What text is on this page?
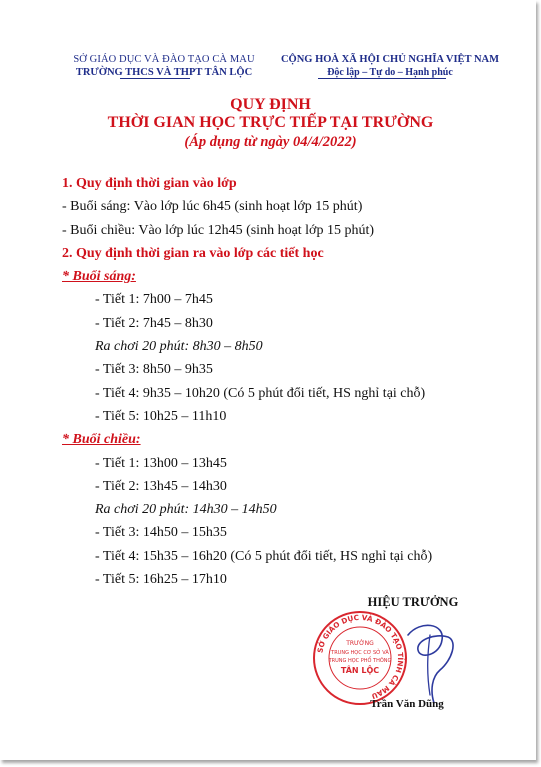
SỞ GIÁO DỤC VÀ ĐÀO TẠO CÀ MAU
TRƯỜNG THCS VÀ THPT TÂN LỘC
CỘNG HOÀ XÃ HỘI CHỦ NGHĨA VIỆT NAM
Độc lập – Tự do – Hạnh phúc
QUY ĐỊNH
THỜI GIAN HỌC TRỰC TIẾP TẠI TRƯỜNG
(Áp dụng từ ngày 04/4/2022)
1. Quy định thời gian vào lớp
- Buổi sáng: Vào lớp lúc 6h45 (sinh hoạt lớp 15 phút)
- Buổi chiều: Vào lớp lúc 12h45 (sinh hoạt lớp 15 phút)
2. Quy định thời gian ra vào lớp các tiết học
* Buổi sáng:
- Tiết 1: 7h00 – 7h45
- Tiết 2: 7h45 – 8h30
Ra chơi 20 phút: 8h30 – 8h50
- Tiết 3: 8h50 – 9h35
- Tiết 4: 9h35 – 10h20 (Có 5 phút đổi tiết, HS nghỉ tại chỗ)
- Tiết 5: 10h25 – 11h10
* Buổi chiều:
- Tiết 1: 13h00 – 13h45
- Tiết 2: 13h45 – 14h30
Ra chơi 20 phút: 14h30 – 14h50
- Tiết 3: 14h50 – 15h35
- Tiết 4: 15h35 – 16h20 (Có 5 phút đổi tiết, HS nghỉ tại chỗ)
- Tiết 5: 16h25 – 17h10
HIỆU TRƯỞNG
SỞ GIÁO DỤC VÀ ĐÀO TẠO TỈNH CÀ MAU
TRƯỜNG
TRUNG HỌC CƠ SỞ VÀ
TRUNG HỌC PHỔ THÔNG
TÂN LỘC
Trần Văn Dũng
